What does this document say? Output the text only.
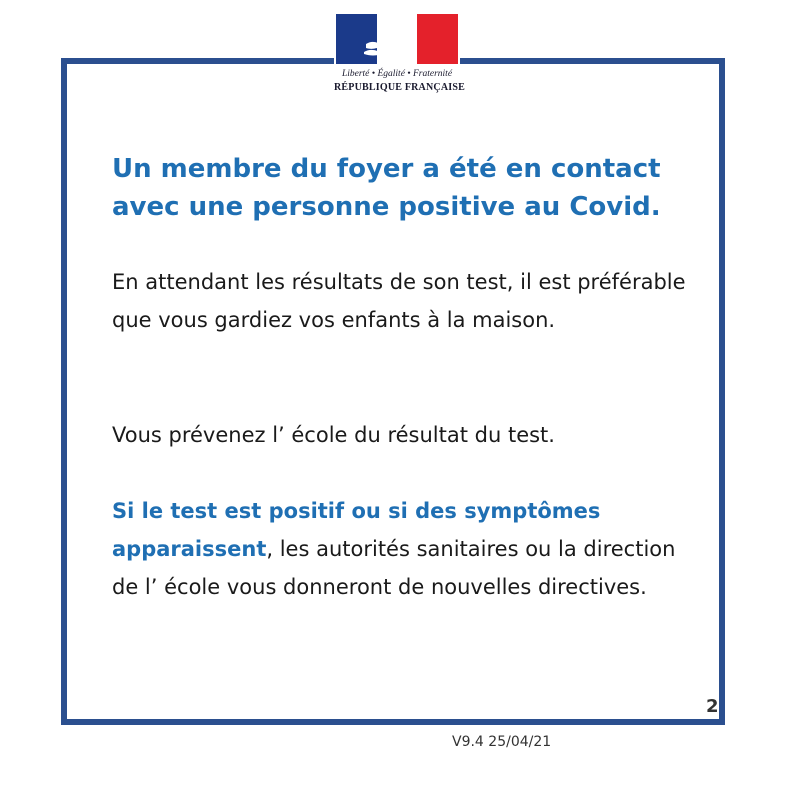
Liberté • Égalité • Fraternité
RÉPUBLIQUE FRANÇAISE
Un membre du foyer a été en contact avec une personne positive au Covid.

En attendant les résultats de son test, il est préférable que vous gardiez vos enfants à la maison.

Vous prévenez l’ école du résultat du test.

Si le test est positif ou si des symptômes apparaissent, les autorités sanitaires ou la direction de l’ école vous donneront de nouvelles directives.

2
V9.4 25/04/21
